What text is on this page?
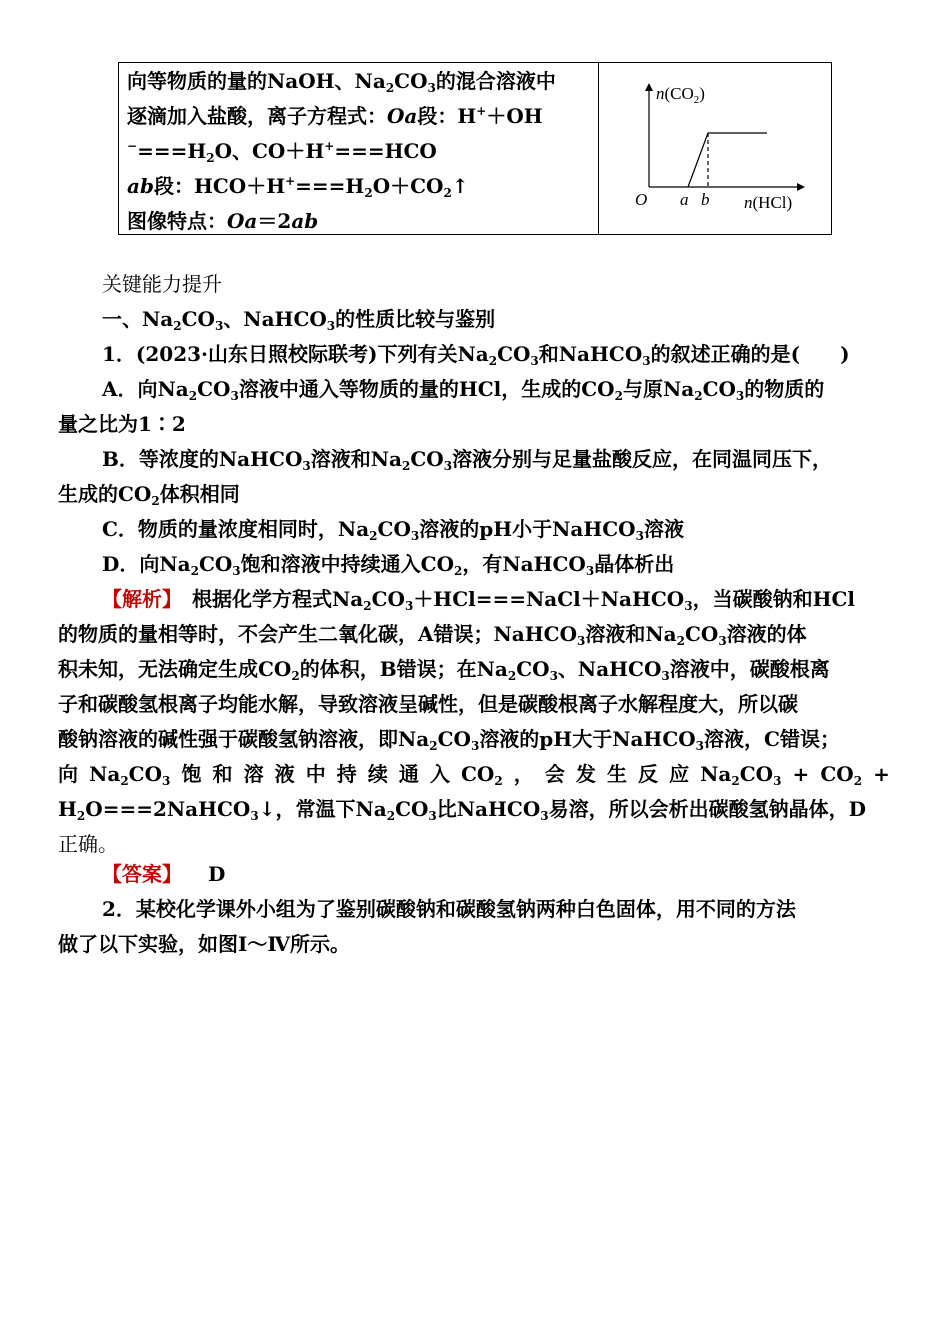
向等物质的量的NaOH、$Na_2CO_3$的混合溶液中
逐滴加入盐酸，离子方程式：Oa段：H+＋OH
$^-===H_2O$、CO＋H+===HCO
ab段：$HCO+H^+===H_2O+CO_2↑$
图像特点：Oa＝2ab
$n(CO_2)$
O a b n(HCl)
关键能力提升
一、$Na_2CO_3$、NaHCO$_3$的性质比较与鉴别
1．(2023·山东日照校际联考)下列有关$Na_2CO_3$和NaHCO$_3$的叙述正确的是(　　)
A．向$Na_2CO_3$溶液中通入等物质的量的HCl，生成的$CO_2$与原$Na_2CO_3$的物质的
量之比为1∶2
B．等浓度的NaHCO$_3$溶液和$Na_2CO_3$溶液分别与足量盐酸反应，在同温同压下，
生成的$CO_2$体积相同
C．物质的量浓度相同时，$Na_2CO_3$溶液的pH小于NaHCO$_3$溶液
D．向$Na_2CO_3$饱和溶液中持续通入$CO_2$，有NaHCO$_3$晶体析出
【解析】　根据化学方程式$Na_2CO_3+HCl===NaCl+NaHCO_3$，当碳酸钠和HCl
的物质的量相等时，不会产生二氧化碳，A错误；NaHCO$_3$溶液和$Na_2CO_3$溶液的体
积未知，无法确定生成$CO_2$的体积，B错误；在$Na_2CO_3$、NaHCO$_3$溶液中，碳酸根离
子和碳酸氢根离子均能水解，导致溶液呈碱性，但是碳酸根离子水解程度大，所以碳
酸钠溶液的碱性强于碳酸氢钠溶液，即$Na_2CO_3$溶液的pH大于NaHCO$_3$溶液，C错误；
向 $Na_2CO_3$ 饱 和 溶 液 中 持 续 通 入 $CO_2$ ， 会 发 生 反 应 $Na_2CO_3 + CO_2$ +
$H_2O===2NaHCO_3↓$，常温下$Na_2CO_3$比NaHCO$_3$易溶，所以会析出碳酸氢钠晶体，D
正确。
【答案】 D
2．某校化学课外小组为了鉴别碳酸钠和碳酸氢钠两种白色固体，用不同的方法
做了以下实验，如图Ⅰ～Ⅳ所示。
